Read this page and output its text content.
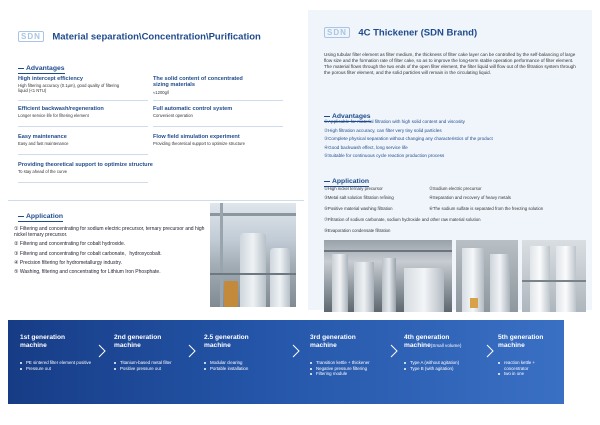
SDN Material separation\Concentration\Purification
Advantages
High intercept efficiency
High filtering accuracy (0.1μm), good quality of filtering liquid (<1 NTU)
The solid content of concentrated sizing materials
≈1200g/l
Efficient backwash/regeneration
Longer service life for filtering element
Full automatic control system
Convenient operation
Easy maintenance
Easy and fast maintenance
Flow field simulation experiment
Providing theoretical support to optimize structure
Providing theoretical support to optimize structure
To stay ahead of the curve
Application
① Filtering and concentrating for sodium electric precursor, ternary precursor and high nickel ternary precursor.
② Filtering and concentrating for cobalt hydroxide.
③ Filtering and concentrating for cobalt carbonate、hydroxycobalt.
④ Precision filtering for hydrometallurgy industry.
⑤ Washing, filtering and concentrating for Lithium Iron Phosphate.
SDN 4C Thickener (SDN Brand)
Using tubular filter element as filter medium, the thickness of filter cake layer can be controlled by the self-balancing of large flow size and the formation rate of filter cake, so as to improve the long-term stable operation performance of filter element. The material flows through the two ends of the open filter element, the filter liquid will flow out of the filtration system through the porous filter element, and the solid particles will remain in the circulating liquid.
Advantages
①Applicable for material filtration with high solid content and viscosity
②High filtration accuracy, can filter very tiny solid particles
③Complete physical separation without changing any characteristics of the product
④Good backwash effect, long service life
⑤Suitable for continuous cycle reaction production process
Application
①High nickel ternary precursor
③Metal salt solution filtration refining
⑤Positive material washing filtration
⑦Filtration of sodium carbonate, sodium hydroxide and other raw material solution
⑨Evaporation condensate filtration
②Sodium electric precursor
④Separation and recovery of heavy metals
⑥The sodium sulfate is separated from the freezing solution
1st generation machine
PE sintered filter element positive
Pressure out
2nd generation machine
Titanium-based metal filter
Positive pressure out
2.5 generation machine
Modular clearing
Portable installation
3rd generation machine
Transition kettle + thickener
Negative pressure filtering
Filtering module
4th generation machine(Small volume)
Type A (without agitation)
Type B (with agitation)
5th generation machine
reaction kettle + concentrator
two in one
